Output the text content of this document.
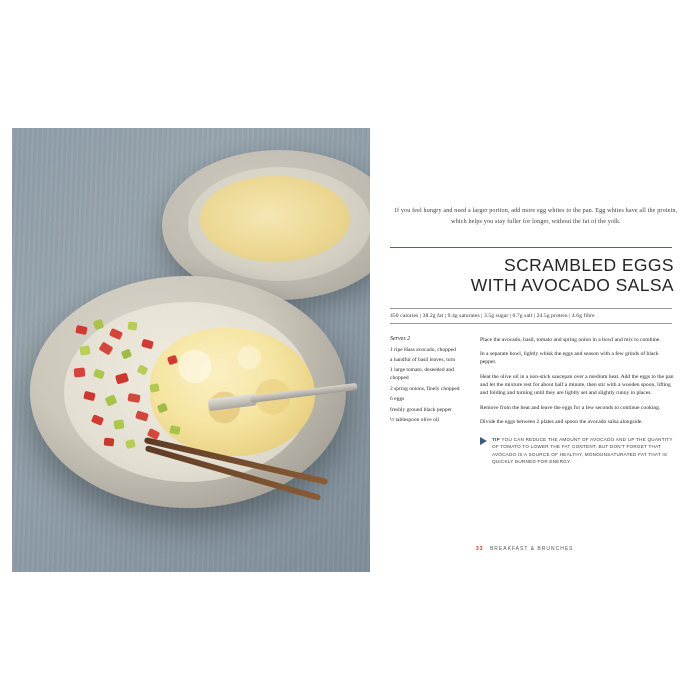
If you feel hungry and need a larger portion, add more egg whites to the pan. Egg whites have all the protein, which helps you stay fuller for longer, without the fat of the yolk.

SCRAMBLED EGGS
WITH AVOCADO SALSA
450 calories | 38.2g fat | 9.4g saturates | 3.5g sugar | 0.7g salt | 24.5g protein | 4.6g fibre
Serves 2
1 ripe Hass avocado, chopped
a handful of basil leaves, torn
1 large tomato, deseeded and chopped
2 spring onions, finely chopped
6 eggs
freshly ground black pepper
½ tablespoon olive oil
Place the avocado, basil, tomato and spring onion in a bowl and mix to combine.
In a separate bowl, lightly whisk the eggs and season with a few grinds of black pepper.
Heat the olive oil in a non-stick saucepan over a medium heat. Add the eggs to the pan and let the mixture rest for about half a minute, then stir with a wooden spoon, lifting and folding and turning until they are lightly set and slightly runny in places.
Remove from the heat and leave the eggs for a few seconds to continue cooking.
Divide the eggs between 2 plates and spoon the avocado salsa alongside.
TIP YOU CAN REDUCE THE AMOUNT OF AVOCADO AND UP THE QUANTITY OF TOMATO TO LOWER THE FAT CONTENT. BUT DON'T FORGET THAT AVOCADO IS A SOURCE OF HEALTHY, MONOUNSATURATED FAT THAT IS QUICKLY BURNED FOR ENERGY.
33 BREAKFAST & BRUNCHES
